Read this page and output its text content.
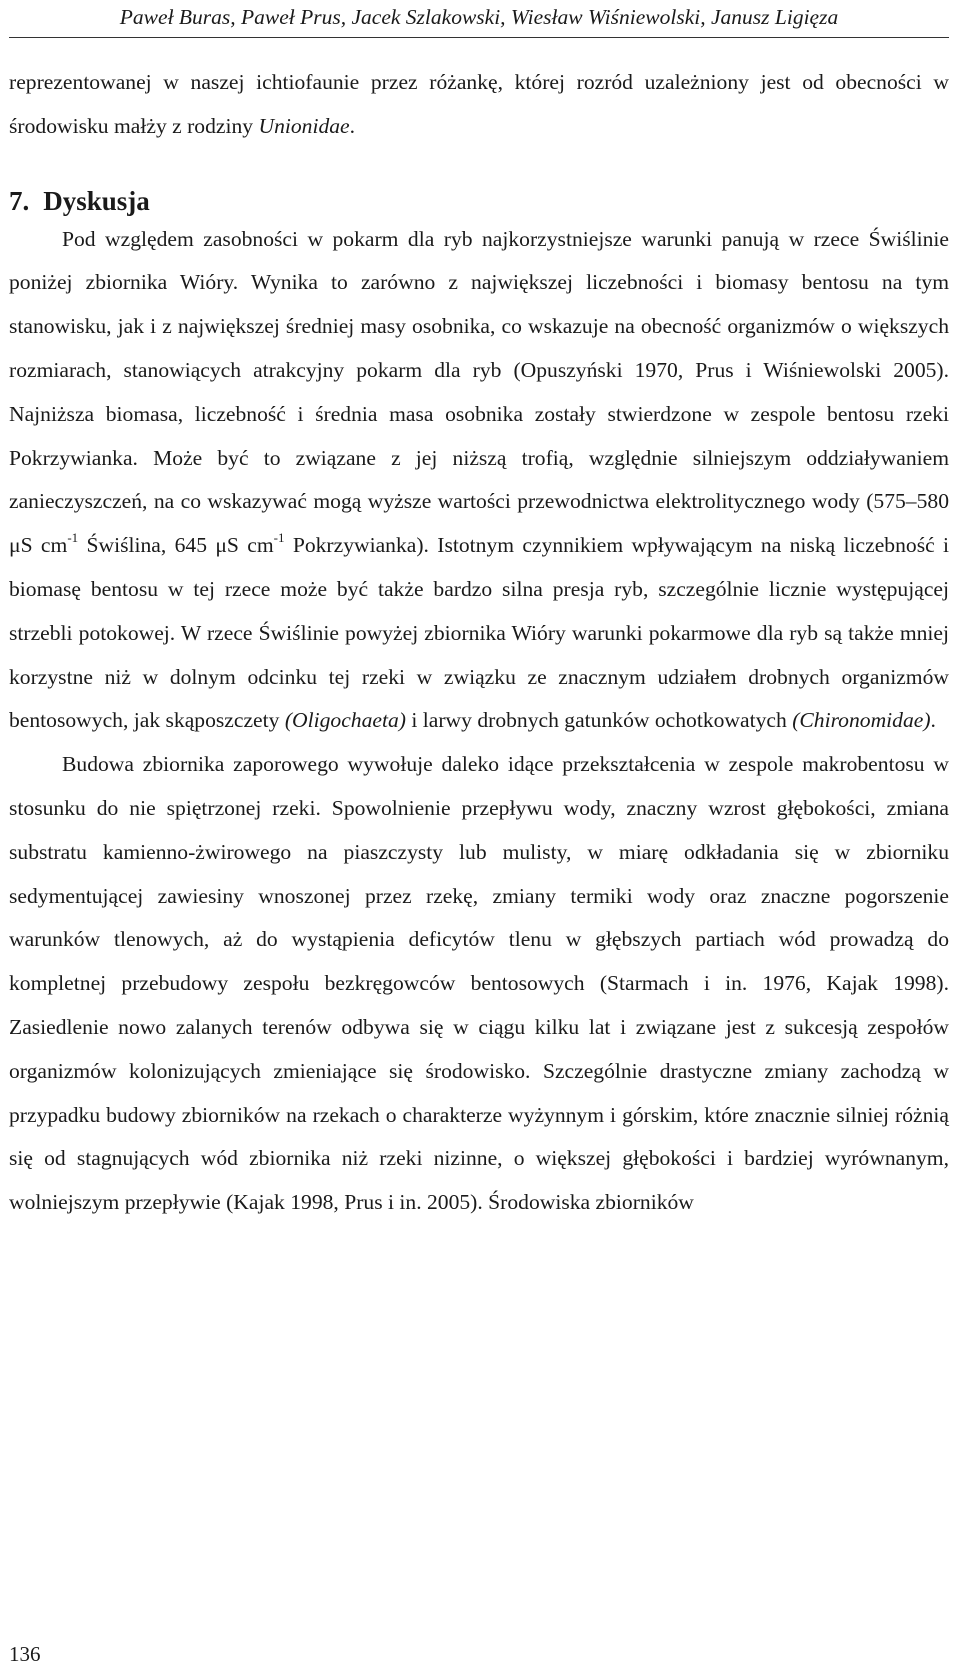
Paweł Buras, Paweł Prus, Jacek Szlakowski, Wiesław Wiśniewolski, Janusz Ligięza

reprezentowanej w naszej ichtiofaunie przez różankę, której rozród uzależniony jest od obecności w środowisku małży z rodziny Unionidae.

7. Dyskusja

Pod względem zasobności w pokarm dla ryb najkorzystniejsze warunki panują w rzece Świślinie poniżej zbiornika Wióry. Wynika to zarówno z największej liczebności i biomasy bentosu na tym stanowisku, jak i z największej średniej masy osobnika, co wskazuje na obecność organizmów o większych rozmiarach, stanowiących atrakcyjny pokarm dla ryb (Opuszyński 1970, Prus i Wiśniewolski 2005). Najniższa biomasa, liczebność i średnia masa osobnika zostały stwierdzone w zespole bentosu rzeki Pokrzywianka. Może być to związane z jej niższą trofią, względnie silniejszym oddziaływaniem zanieczyszczeń, na co wskazywać mogą wyższe wartości przewodnictwa elektrolitycznego wody (575–580 μS $cm^{-1}$ Świślina, 645 μS $cm^{-1}$ Pokrzywianka). Istotnym czynnikiem wpływającym na niską liczebność i biomasę bentosu w tej rzece może być także bardzo silna presja ryb, szczególnie licznie występującej strzebli potokowej. W rzece Świślinie powyżej zbiornika Wióry warunki pokarmowe dla ryb są także mniej korzystne niż w dolnym odcinku tej rzeki w związku ze znacznym udziałem drobnych organizmów bentosowych, jak skąposzczety (Oligochaeta) i larwy drobnych gatunków ochotkowatych (Chironomidae).

Budowa zbiornika zaporowego wywołuje daleko idące przekształcenia w zespole makrobentosu w stosunku do nie spiętrzonej rzeki. Spowolnienie przepływu wody, znaczny wzrost głębokości, zmiana substratu kamienno-żwirowego na piaszczysty lub mulisty, w miarę odkładania się w zbiorniku sedymentującej zawiesiny wnoszonej przez rzekę, zmiany termiki wody oraz znaczne pogorszenie warunków tlenowych, aż do wystąpienia deficytów tlenu w głębszych partiach wód prowadzą do kompletnej przebudowy zespołu bezkręgowców bentosowych (Starmach i in. 1976, Kajak 1998). Zasiedlenie nowo zalanych terenów odbywa się w ciągu kilku lat i związane jest z sukcesją zespołów organizmów kolonizujących zmieniające się środowisko. Szczególnie drastyczne zmiany zachodzą w przypadku budowy zbiorników na rzekach o charakterze wyżynnym i górskim, które znacznie silniej różnią się od stagnujących wód zbiornika niż rzeki nizinne, o większej głębokości i bardziej wyrównanym, wolniejszym przepływie (Kajak 1998, Prus i in. 2005). Środowiska zbiorników

136
